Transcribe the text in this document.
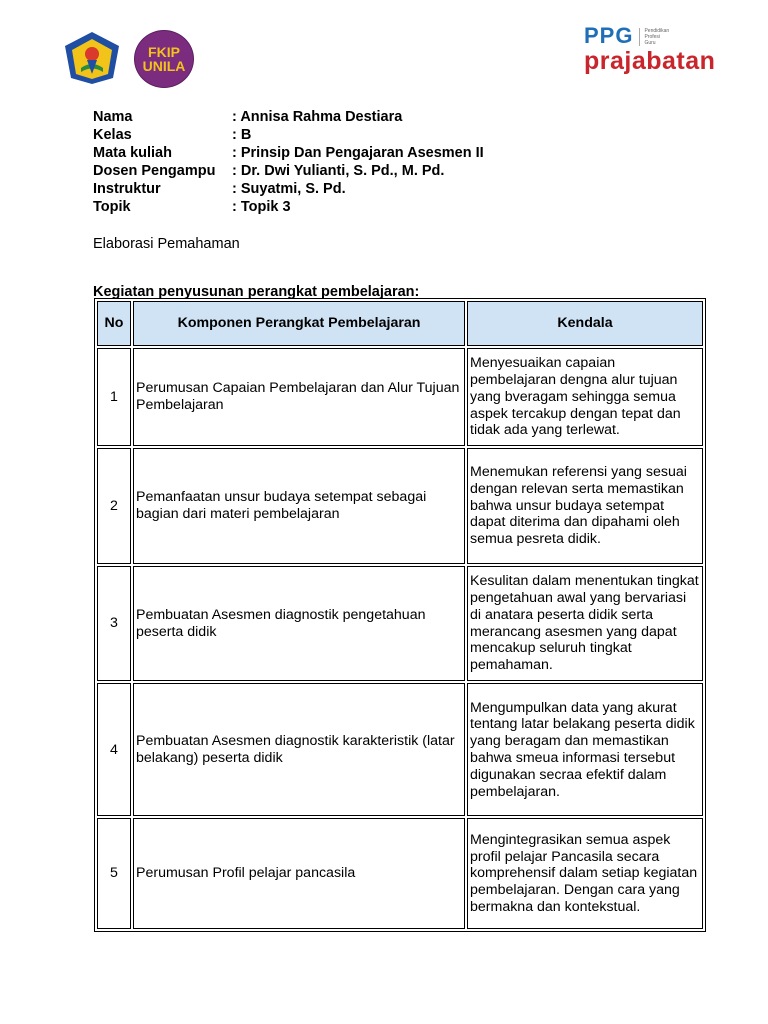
FKIP
UNILA
PPG Pendidikan
Profesi
Guru
prajabatan
Nama	: Annisa Rahma Destiara
Kelas	: B
Mata kuliah	: Prinsip Dan Pengajaran Asesmen II
Dosen Pengampu	: Dr. Dwi Yulianti, S. Pd., M. Pd.
Instruktur	: Suyatmi, S. Pd.
Topik	: Topik 3
Elaborasi Pemahaman
Kegiatan penyusunan perangkat pembelajaran:
No	Komponen Perangkat Pembelajaran	Kendala
1	Perumusan Capaian Pembelajaran dan Alur Tujuan Pembelajaran	Menyesuaikan capaian pembelajaran dengna alur tujuan yang bveragam sehingga semua aspek tercakup dengan tepat dan tidak ada yang terlewat.
2	Pemanfaatan unsur budaya setempat sebagai bagian dari materi pembelajaran	Menemukan referensi yang sesuai dengan relevan serta memastikan bahwa unsur budaya setempat dapat diterima dan dipahami oleh semua pesreta didik.
3	Pembuatan Asesmen diagnostik pengetahuan peserta didik	Kesulitan dalam menentukan tingkat pengetahuan awal yang bervariasi di anatara peserta didik serta merancang asesmen yang dapat mencakup seluruh tingkat pemahaman.
4	Pembuatan Asesmen diagnostik karakteristik (latar belakang) peserta didik	Mengumpulkan data yang akurat tentang latar belakang peserta didik yang beragam dan memastikan bahwa smeua informasi tersebut digunakan secraa efektif dalam pembelajaran.
5	Perumusan Profil pelajar pancasila	Mengintegrasikan semua aspek profil pelajar Pancasila secara komprehensif dalam setiap kegiatan pembelajaran. Dengan cara yang bermakna dan kontekstual.
